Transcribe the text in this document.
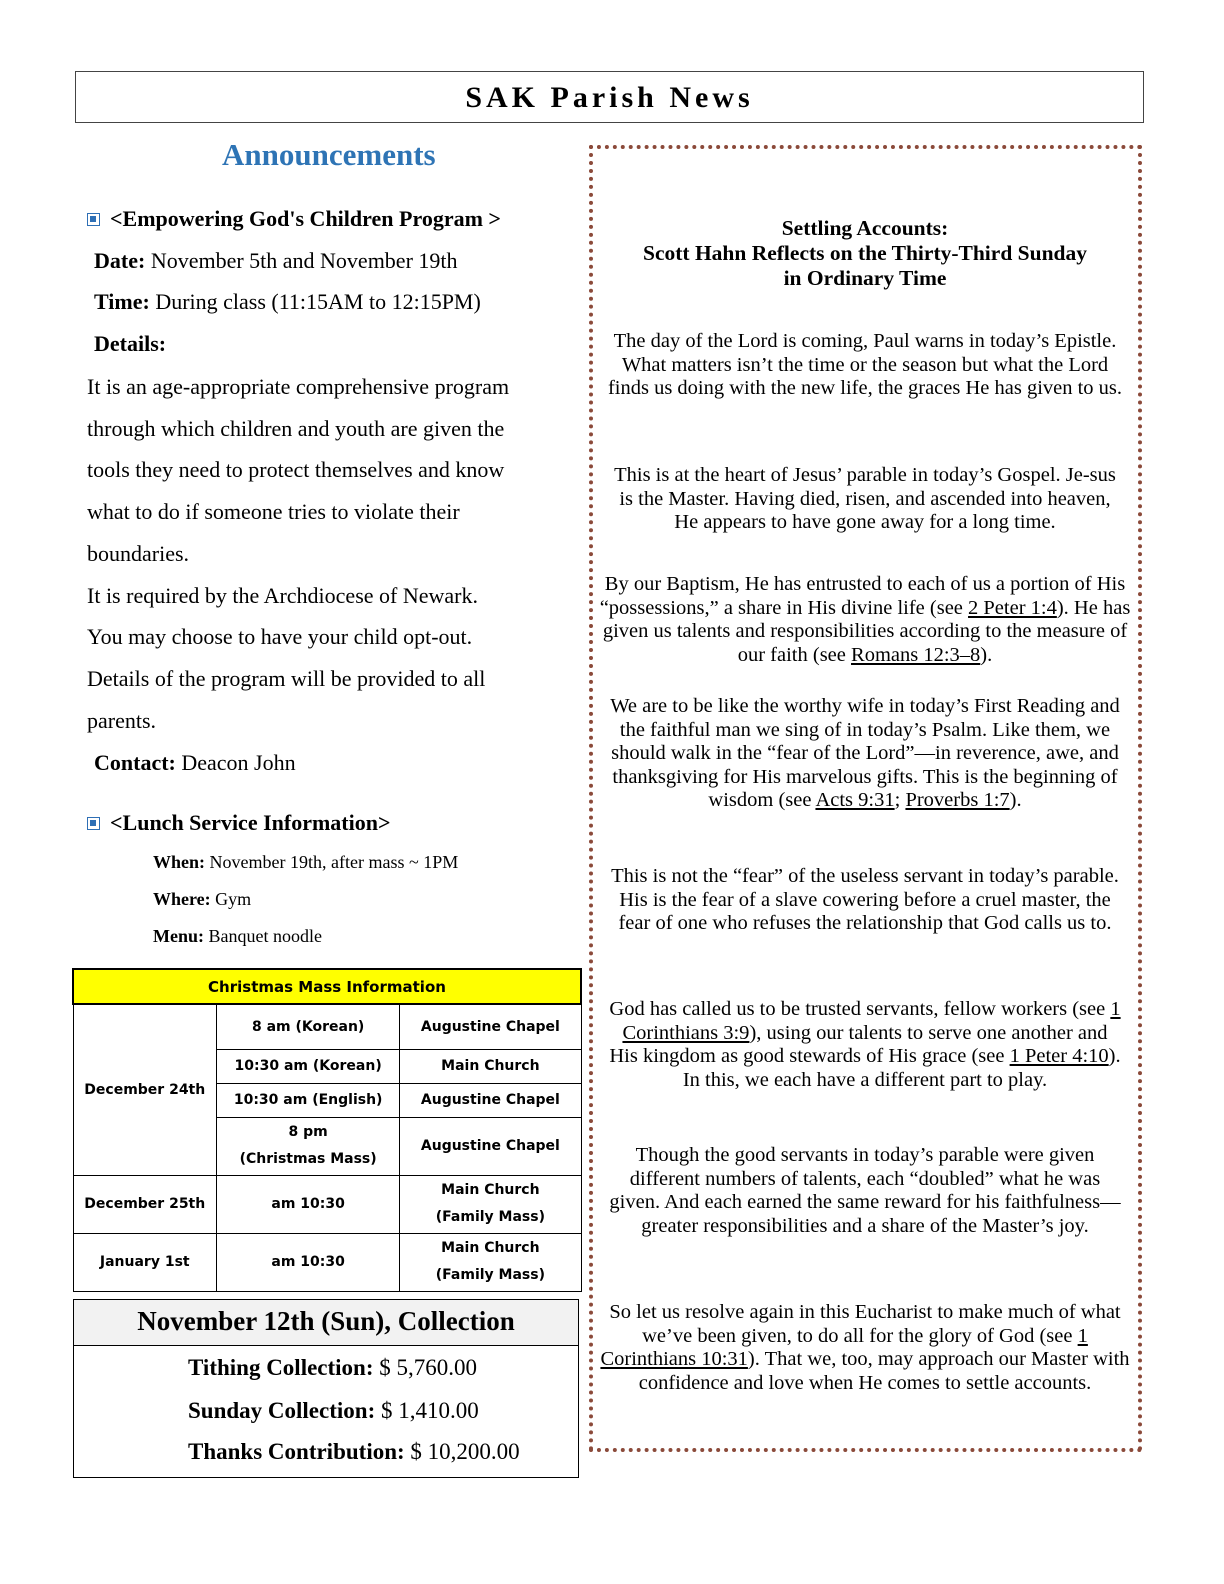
SAK Parish News
Announcements
<Empowering God's Children Program >
Date: November 5th and November 19th
Time: During class (11:15AM to 12:15PM)
Details:
It is an age-appropriate comprehensive program
through which children and youth are given the
tools they need to protect themselves and know
what to do if someone tries to violate their
boundaries.
It is required by the Archdiocese of Newark.
You may choose to have your child opt-out.
Details of the program will be provided to all
parents.
Contact: Deacon John
<Lunch Service Information>
When: November 19th, after mass ~ 1PM
Where: Gym
Menu: Banquet noodle
Christmas Mass Information		
December 24th	8 am (Korean)	Augustine Chapel
	10:30 am (Korean)	Main Church
	10:30 am (English)	Augustine Chapel

	8 pm
(Christmas Mass)	Augustine Chapel
December 25th	am 10:30	Main Church
(Family Mass)

January 1st	am 10:30	Main Church
(Family Mass)
November 12th (Sun), Collection
Tithing Collection: $ 5,760.00
Sunday Collection: $ 1,410.00
Thanks Contribution: $ 10,200.00
Settling Accounts:
Scott Hahn Reflects on the Thirty-Third Sunday
in Ordinary Time
The day of the Lord is coming, Paul warns in today’s Epistle. What matters isn’t the time or the season but what the Lord finds us doing with the new life, the graces He has given to us.
This is at the heart of Jesus’ parable in today’s Gospel. Je-sus is the Master. Having died, risen, and ascended into heaven, He appears to have gone away for a long time.
By our Baptism, He has entrusted to each of us a portion of His “possessions,” a share in His divine life (see 2 Peter 1:4). He has given us talents and responsibilities according to the measure of our faith (see Romans 12:3–8).
We are to be like the worthy wife in today’s First Reading and the faithful man we sing of in today’s Psalm. Like them, we should walk in the “fear of the Lord”—in reverence, awe, and thanksgiving for His marvelous gifts. This is the beginning of wisdom (see Acts 9:31; Proverbs 1:7).
This is not the “fear” of the useless servant in today’s parable. His is the fear of a slave cowering before a cruel master, the fear of one who refuses the relationship that God calls us to.
God has called us to be trusted servants, fellow workers (see 1 Corinthians 3:9), using our talents to serve one another and His kingdom as good stewards of His grace (see 1 Peter 4:10). In this, we each have a different part to play.
Though the good servants in today’s parable were given different numbers of talents, each “doubled” what he was given. And each earned the same reward for his faithfulness—greater responsibilities and a share of the Master’s joy.
So let us resolve again in this Eucharist to make much of what we’ve been given, to do all for the glory of God (see 1 Corinthians 10:31). That we, too, may approach our Master with confidence and love when He comes to settle accounts.
